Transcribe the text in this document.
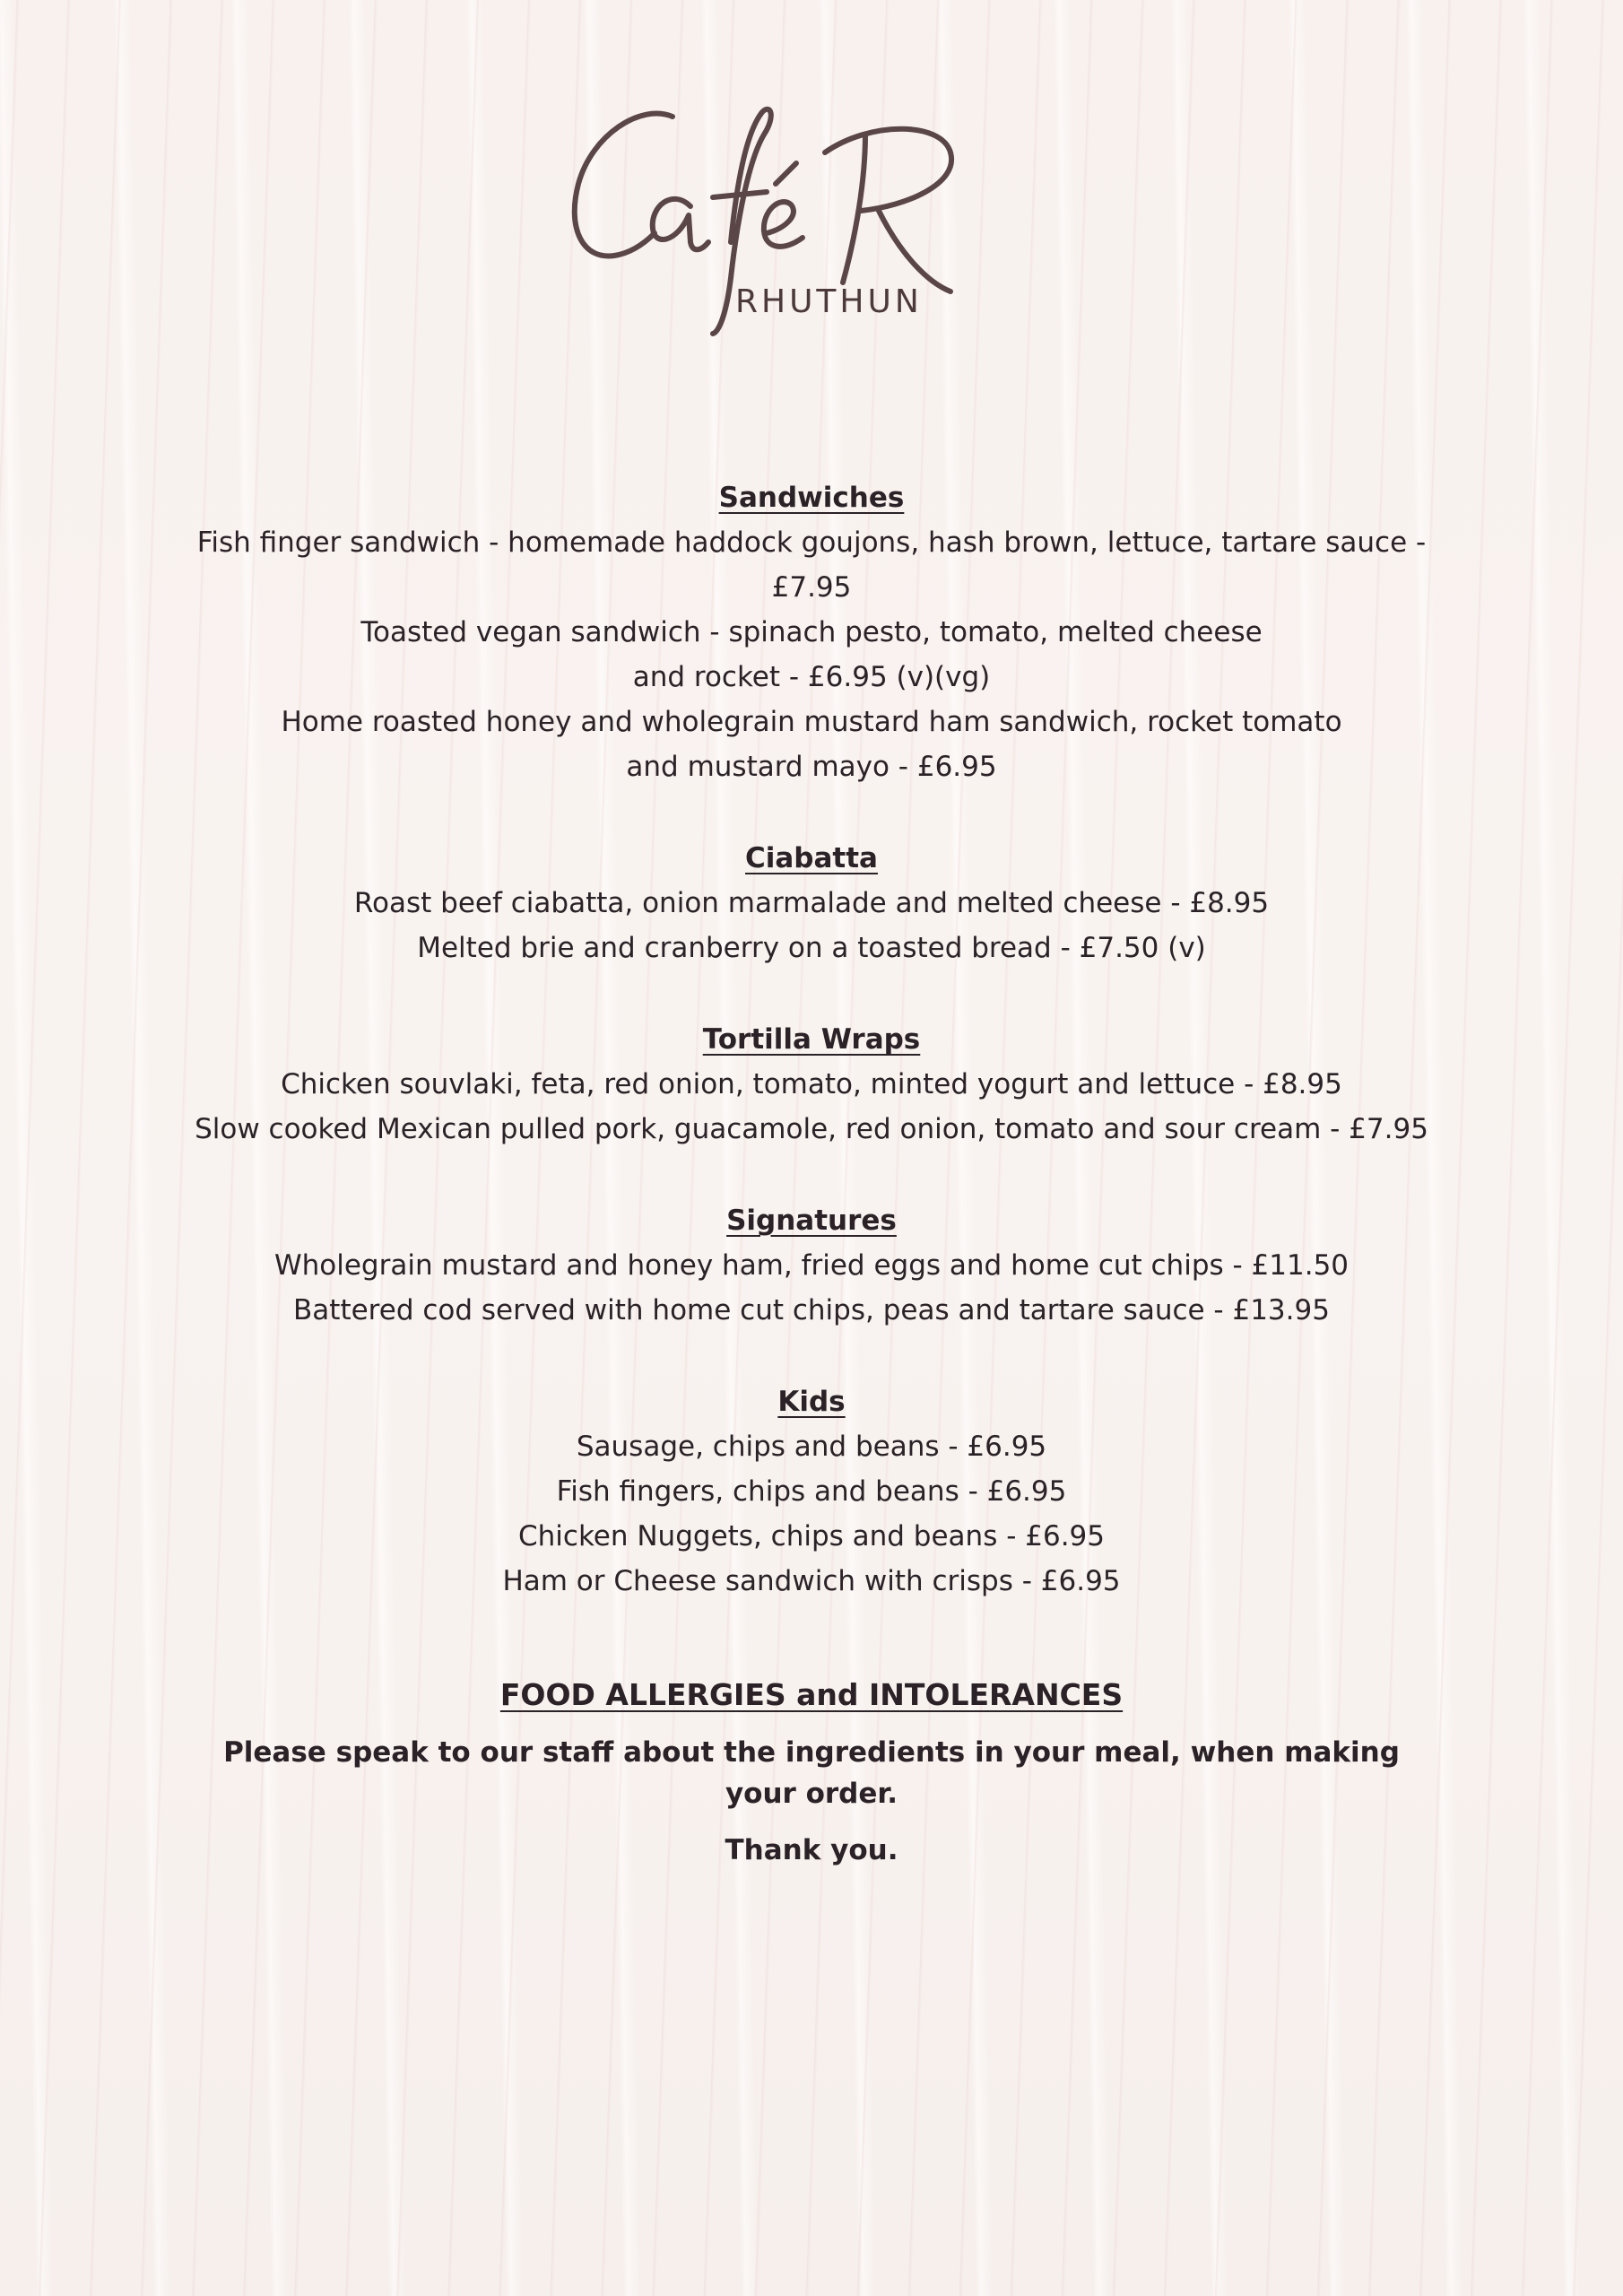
RHUTHUN
Sandwiches
Fish finger sandwich - homemade haddock goujons, hash brown, lettuce, tartare sauce -
£7.95
Toasted vegan sandwich - spinach pesto, tomato, melted cheese
and rocket - £6.95 (v)(vg)
Home roasted honey and wholegrain mustard ham sandwich, rocket tomato
and mustard mayo - £6.95
Ciabatta
Roast beef ciabatta, onion marmalade and melted cheese - £8.95
Melted brie and cranberry on a toasted bread - £7.50 (v)
Tortilla Wraps
Chicken souvlaki, feta, red onion, tomato, minted yogurt and lettuce - £8.95
Slow cooked Mexican pulled pork, guacamole, red onion, tomato and sour cream - £7.95
Signatures
Wholegrain mustard and honey ham, fried eggs and home cut chips - £11.50
Battered cod served with home cut chips, peas and tartare sauce - £13.95
Kids
Sausage, chips and beans - £6.95
Fish fingers, chips and beans - £6.95
Chicken Nuggets, chips and beans - £6.95
Ham or Cheese sandwich with crisps - £6.95
FOOD ALLERGIES and INTOLERANCES
Please speak to our staff about the ingredients in your meal, when making your order.
Thank you.
